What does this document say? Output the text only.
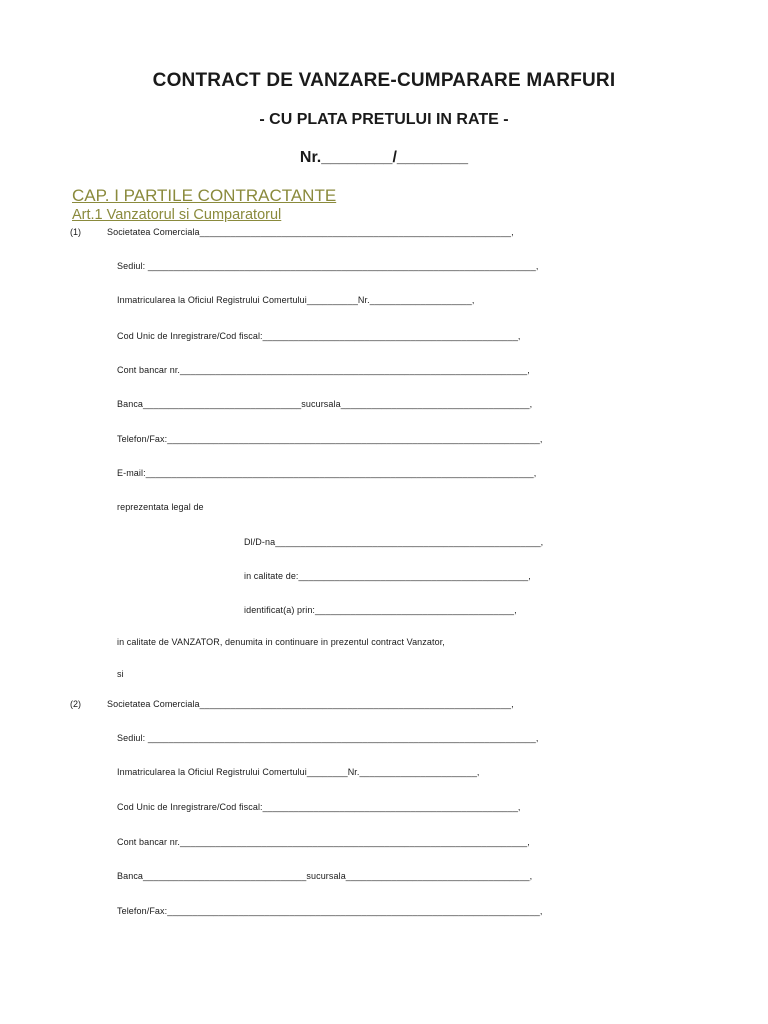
CONTRACT DE VANZARE-CUMPARARE MARFURI
- CU PLATA PRETULUI IN RATE -
Nr.________/________
CAP. I PARTILE CONTRACTANTE
Art.1 Vanzatorul si Cumparatorul
(1)	Societatea Comerciala_____________________________________________________________,
Sediul: ____________________________________________________________________________,
Inmatricularea la Oficiul Registrului Comertului__________Nr.____________________,
Cod Unic de Inregistrare/Cod fiscal:__________________________________________________,
Cont bancar nr.____________________________________________________________________,
Banca_______________________________sucursala_____________________________________,
Telefon/Fax:_________________________________________________________________________,
E-mail:____________________________________________________________________________,
reprezentata legal de
Dl/D-na____________________________________________________,
in calitate de:_____________________________________________,
identificat(a) prin:_______________________________________,
in calitate de VANZATOR, denumita in continuare in prezentul contract Vanzator,
si
(2)	Societatea Comerciala_____________________________________________________________,
Sediul: ____________________________________________________________________________,
Inmatricularea la Oficiul Registrului Comertului________Nr._______________________,
Cod Unic de Inregistrare/Cod fiscal:__________________________________________________,
Cont bancar nr.____________________________________________________________________,
Banca________________________________sucursala____________________________________,
Telefon/Fax:_________________________________________________________________________,
